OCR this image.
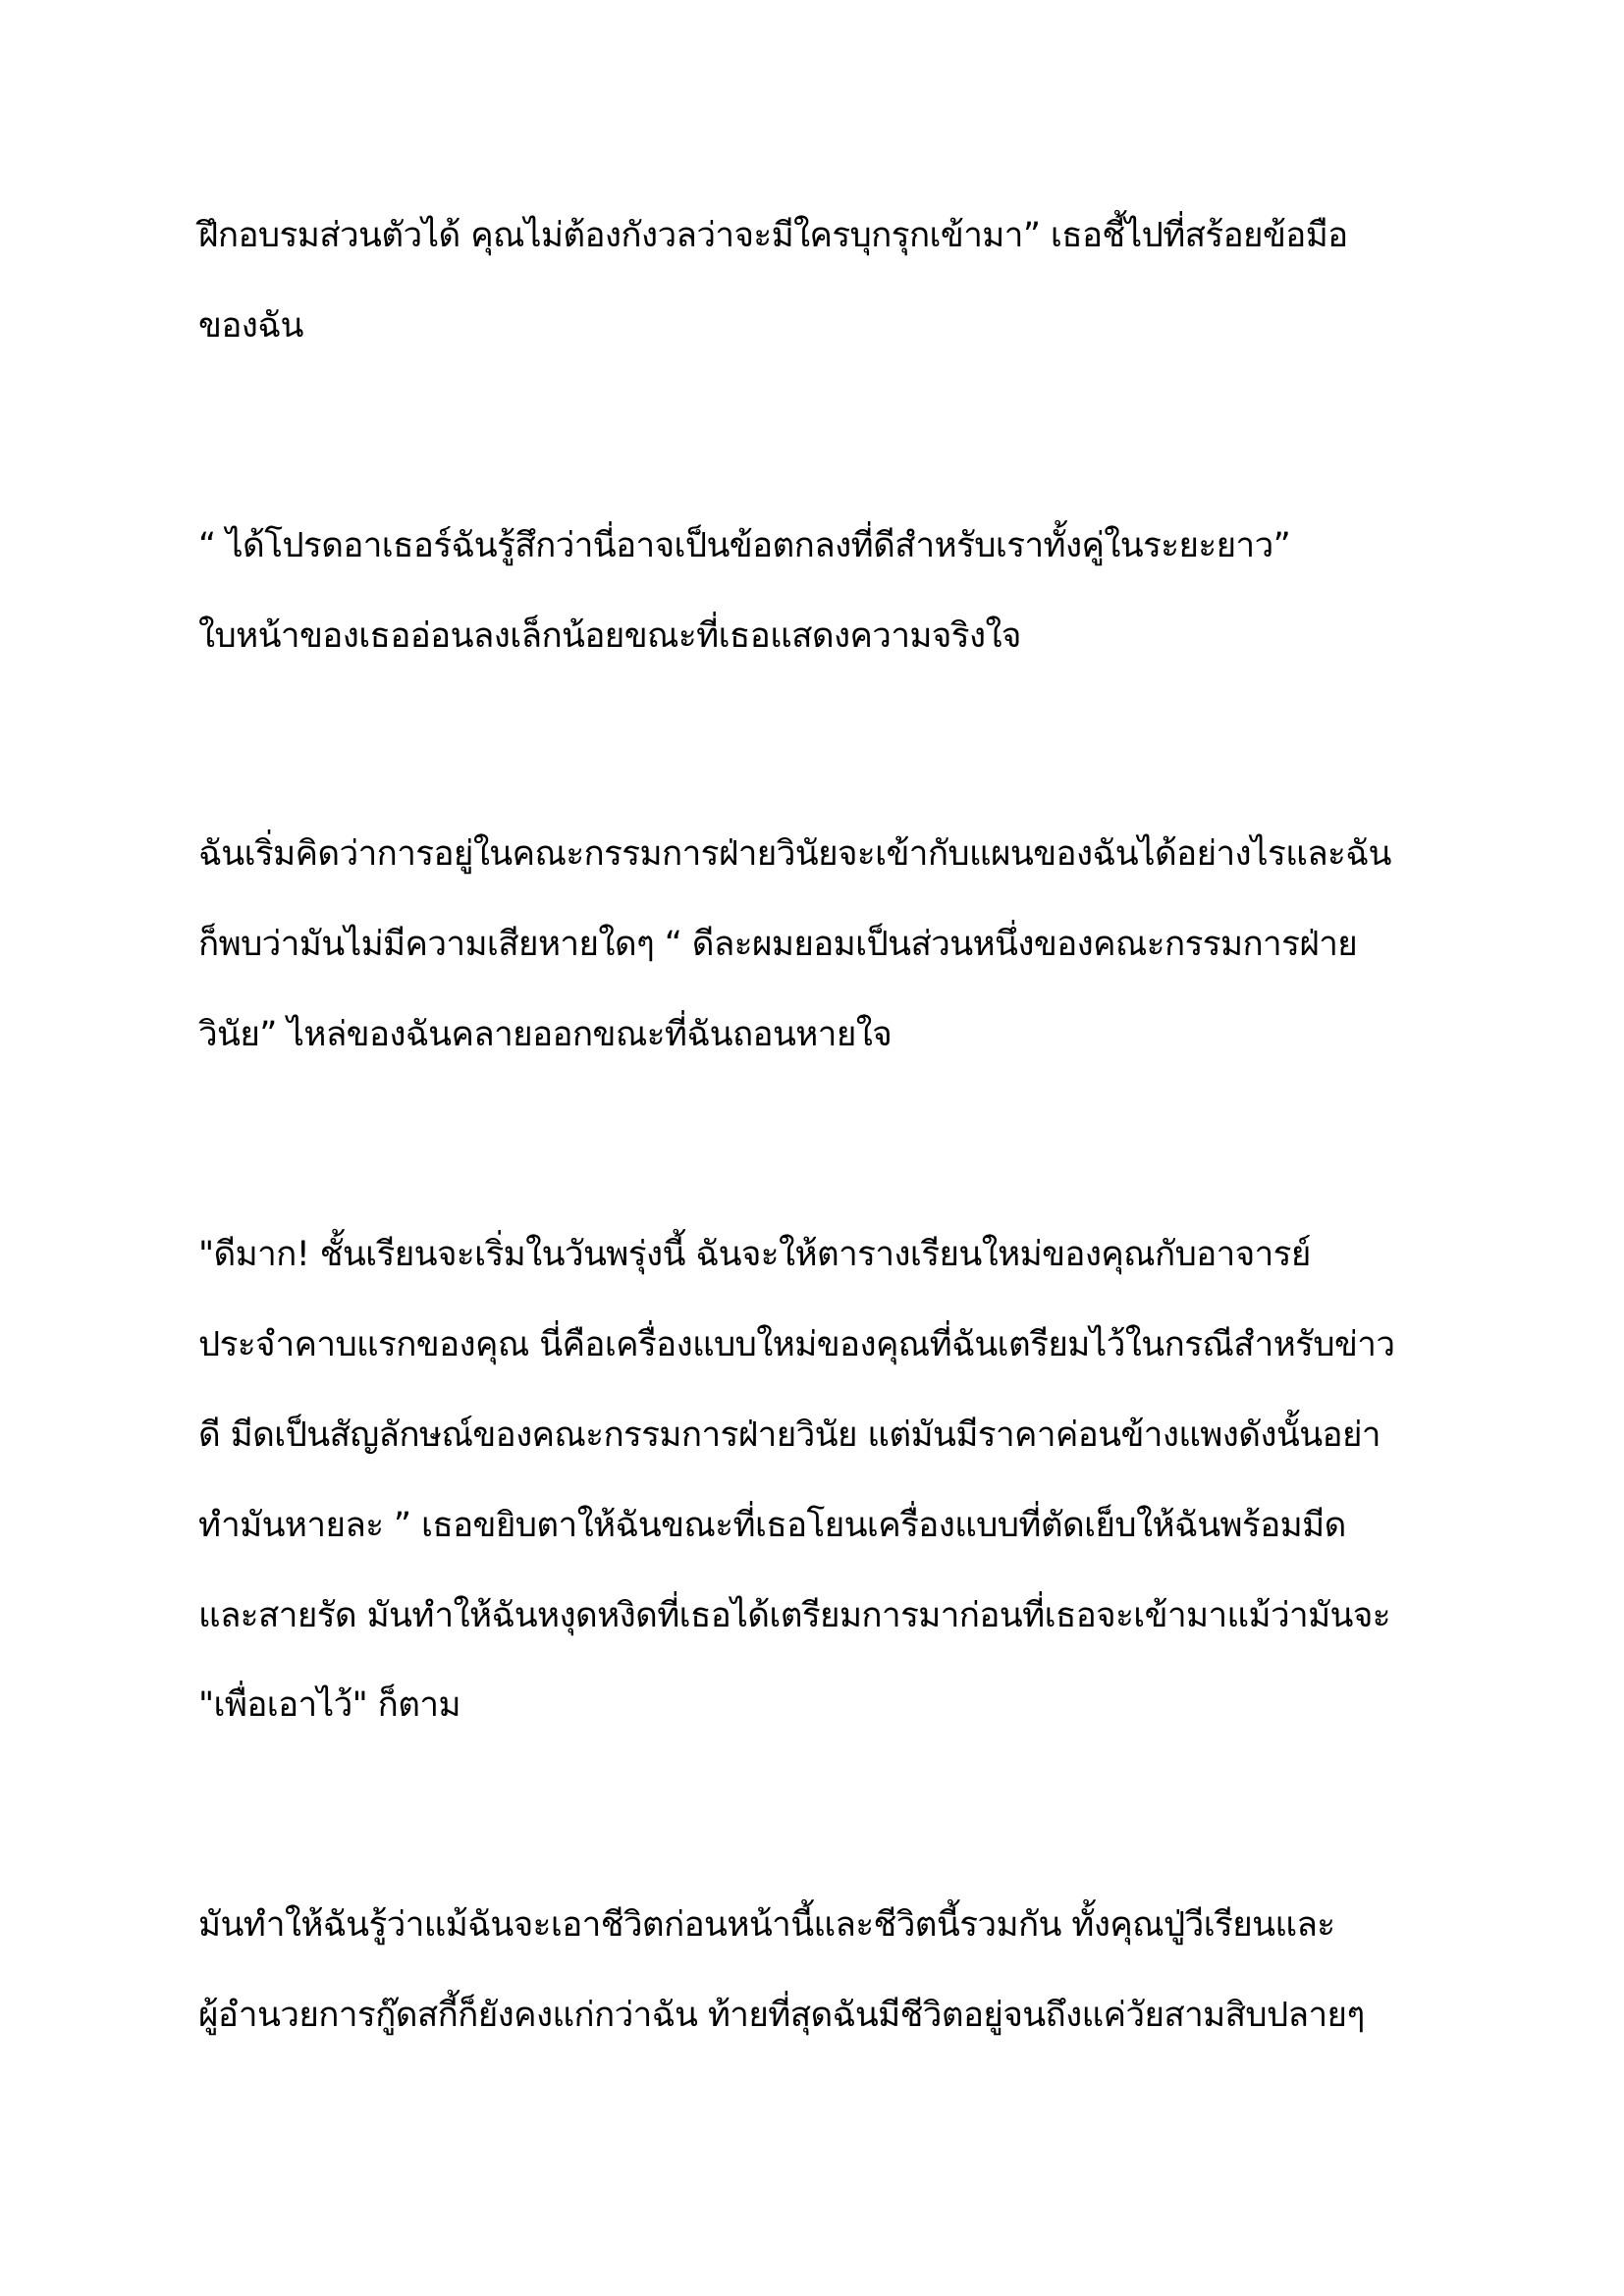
ฝึกอบรมส่วนตัวได้ คุณไม่ต้องกังวลว่าจะมีใครบุกรุกเข้ามา” เธอชี้ไปที่สร้อยข้อมือ
ของฉัน
“ ได้โปรดอาเธอร์ฉันรู้สึกว่านี่อาจเป็นข้อตกลงที่ดีสำหรับเราทั้งคู่ในระยะยาว”
ใบหน้าของเธออ่อนลงเล็กน้อยขณะที่เธอแสดงความจริงใจ
ฉันเริ่มคิดว่าการอยู่ในคณะกรรมการฝ่ายวินัยจะเข้ากับแผนของฉันได้อย่างไรและฉัน
ก็พบว่ามันไม่มีความเสียหายใดๆ “ ดีละผมยอมเป็นส่วนหนึ่งของคณะกรรมการฝ่าย
วินัย” ไหล่ของฉันคลายออกขณะที่ฉันถอนหายใจ
"ดีมาก! ชั้นเรียนจะเริ่มในวันพรุ่งนี้ ฉันจะให้ตารางเรียนใหม่ของคุณกับอาจารย์
ประจำคาบแรกของคุณ นี่คือเครื่องแบบใหม่ของคุณที่ฉันเตรียมไว้ในกรณีสำหรับข่าว
ดี มีดเป็นสัญลักษณ์ของคณะกรรมการฝ่ายวินัย แต่มันมีราคาค่อนข้างแพงดังนั้นอย่า
ทำมันหายละ ” เธอขยิบตาให้ฉันขณะที่เธอโยนเครื่องแบบที่ตัดเย็บให้ฉันพร้อมมีด
และสายรัด มันทำให้ฉันหงุดหงิดที่เธอได้เตรียมการมาก่อนที่เธอจะเข้ามาแม้ว่ามันจะ
"เพื่อเอาไว้" ก็ตาม
มันทำให้ฉันรู้ว่าแม้ฉันจะเอาชีวิตก่อนหน้านี้และชีวิตนี้รวมกัน ทั้งคุณปู่วีเรียนและ
ผู้อำนวยการกู๊ดสกี้ก็ยังคงแก่กว่าฉัน ท้ายที่สุดฉันมีชีวิตอยู่จนถึงแค่วัยสามสิบปลายๆ
